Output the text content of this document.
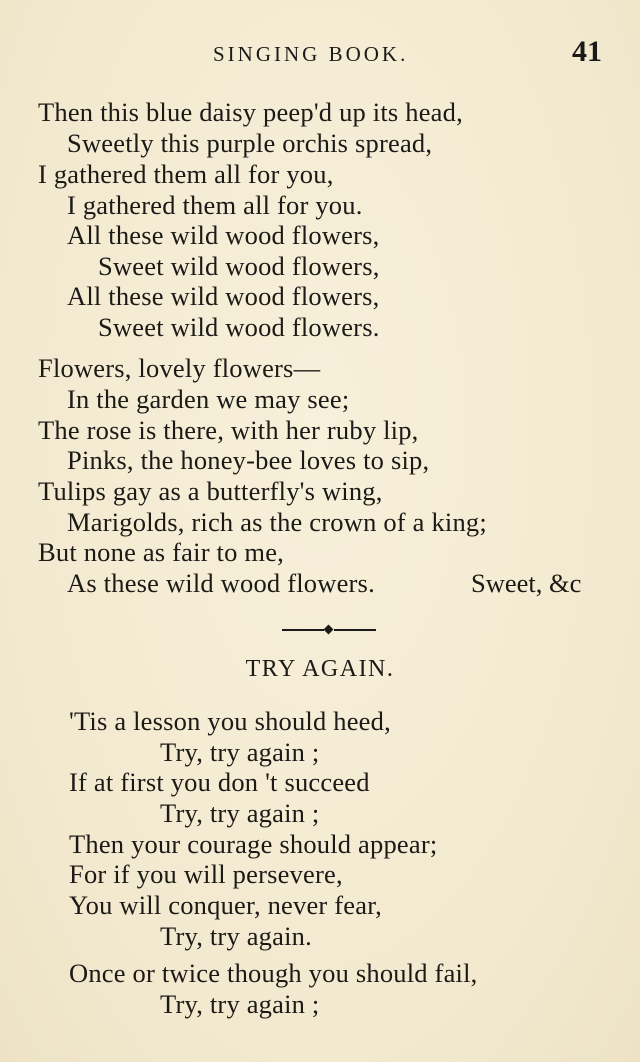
SINGING BOOK.	41
Then this blue daisy peep'd up its head,
Sweetly this purple orchis spread,
I gathered them all for you,
I gathered them all for you.
All these wild wood flowers,
Sweet wild wood flowers,
All these wild wood flowers,
Sweet wild wood flowers.
Flowers, lovely flowers—
In the garden we may see;
The rose is there, with her ruby lip,
Pinks, the honey-bee loves to sip,
Tulips gay as a butterfly's wing,
Marigolds, rich as the crown of a king;
But none as fair to me,
As these wild wood flowers.	Sweet, &c
TRY AGAIN.
'Tis a lesson you should heed,
Try, try again ;
If at first you don 't succeed
Try, try again ;
Then your courage should appear;
For if you will persevere,
You will conquer, never fear,
Try, try again.
Once or twice though you should fail,
Try, try again ;
